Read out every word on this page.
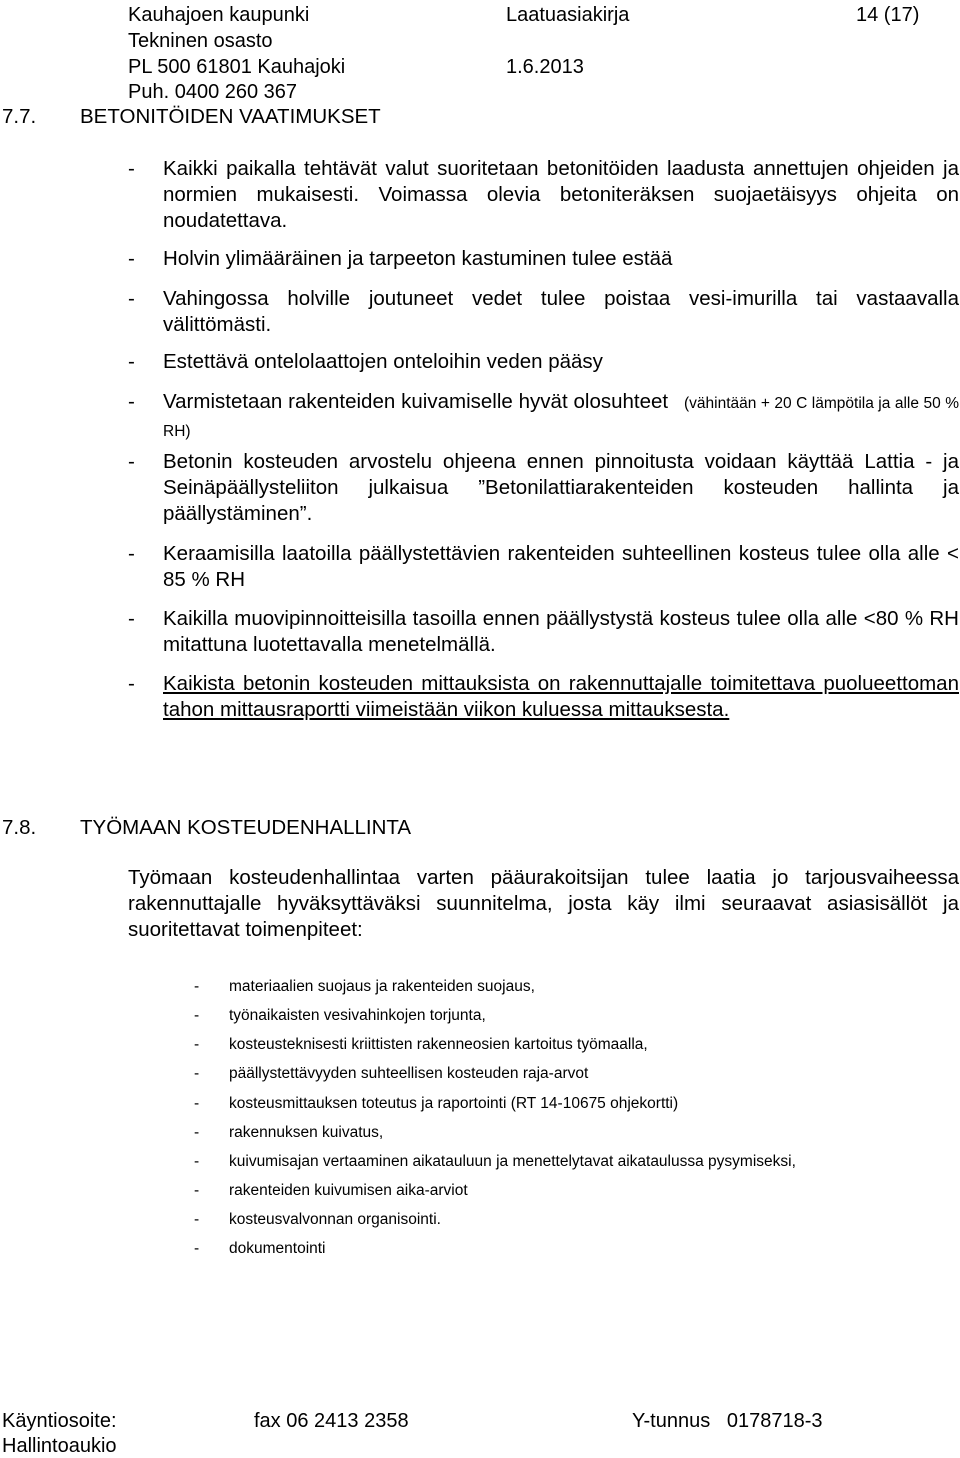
Kauhajoen kaupunki
Tekninen osasto
PL 500 61801 Kauhajoki
Puh. 0400 260 367
Laatuasiakirja
1.6.2013
14 (17)
7.7. BETONITÖIDEN VAATIMUKSET
- Kaikki paikalla tehtävät valut suoritetaan betonitöiden laadusta annettujen ohjeiden ja normien mukaisesti. Voimassa olevia betoniteräksen suojaetäisyys ohjeita on noudatettava.
- Holvin ylimääräinen ja tarpeeton kastuminen tulee estää
- Vahingossa holville joutuneet vedet tulee poistaa vesi-imurilla tai vastaavalla välittömästi.
- Estettävä ontelolaattojen onteloihin veden pääsy
- Varmistetaan rakenteiden kuivamiselle hyvät olosuhteet (vähintään + 20 C lämpötila ja alle 50 % RH)
- Betonin kosteuden arvostelu ohjeena ennen pinnoitusta voidaan käyttää Lattia - ja Seinäpäällysteliiton julkaisua ”Betonilattiarakenteiden kosteuden hallinta ja päällystäminen”.
- Keraamisilla laatoilla päällystettävien rakenteiden suhteellinen kosteus tulee olla alle < 85 % RH
- Kaikilla muovipinnoitteisilla tasoilla ennen päällystystä kosteus tulee olla alle <80 % RH mitattuna luotettavalla menetelmällä.
- Kaikista betonin kosteuden mittauksista on rakennuttajalle toimitettava puolueettoman tahon mittausraportti viimeistään viikon kuluessa mittauksesta.
7.8. TYÖMAAN KOSTEUDENHALLINTA
Työmaan kosteudenhallintaa varten pääurakoitsijan tulee laatia jo tarjousvaiheessa rakennuttajalle hyväksyttäväksi suunnitelma, josta käy ilmi seuraavat asiasisällöt ja suoritettavat toimenpiteet:
- materiaalien suojaus ja rakenteiden suojaus,
- työnaikaisten vesivahinkojen torjunta,
- kosteusteknisesti kriittisten rakenneosien kartoitus työmaalla,
- päällystettävyyden suhteellisen kosteuden raja-arvot
- kosteusmittauksen toteutus ja raportointi (RT 14-10675 ohjekortti)
- rakennuksen kuivatus,
- kuivumisajan vertaaminen aikatauluun ja menettelytavat aikataulussa pysymiseksi,
- rakenteiden kuivumisen aika-arviot
- kosteusvalvonnan organisointi.
- dokumentointi
Käyntiosoite:
Hallintoaukio
fax 06 2413 2358	Y-tunnus   0178718-3
